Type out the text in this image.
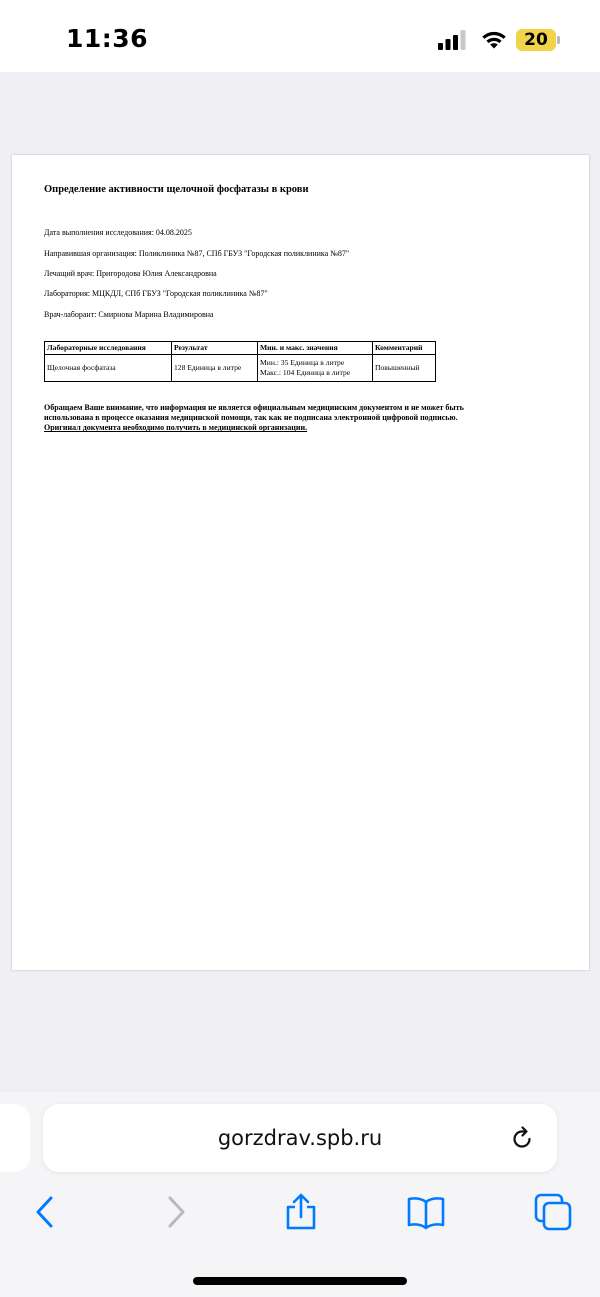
11:36	20
Определение активности щелочной фосфатазы в крови
Дата выполнения исследования: 04.08.2025
Направившая организация: Поликлиника №87, СПб ГБУЗ "Городская поликлиника №87"
Лечащий врач: Пригородова Юлия Александровна
Лаборатория: МЦКДЛ, СПб ГБУЗ "Городская поликлиника №87"
Врач-лаборант: Смирнова Марина Владимировна
Лабораторные исследования	Результат	Мин. и макс. значения	Комментарий
Щелочная фосфатаза	128 Единица в литре	Мин.: 35 Единица в литре
Макс.: 104 Единица в литре	Повышенный
Обращаем Ваше внимание, что информация не является официальным медицинским документом и не может быть
использована в процессе оказания медицинской помощи, так как не подписана электронной цифровой подписью.
Оригинал документа необходимо получить в медицинской организации.
gorzdrav.spb.ru
